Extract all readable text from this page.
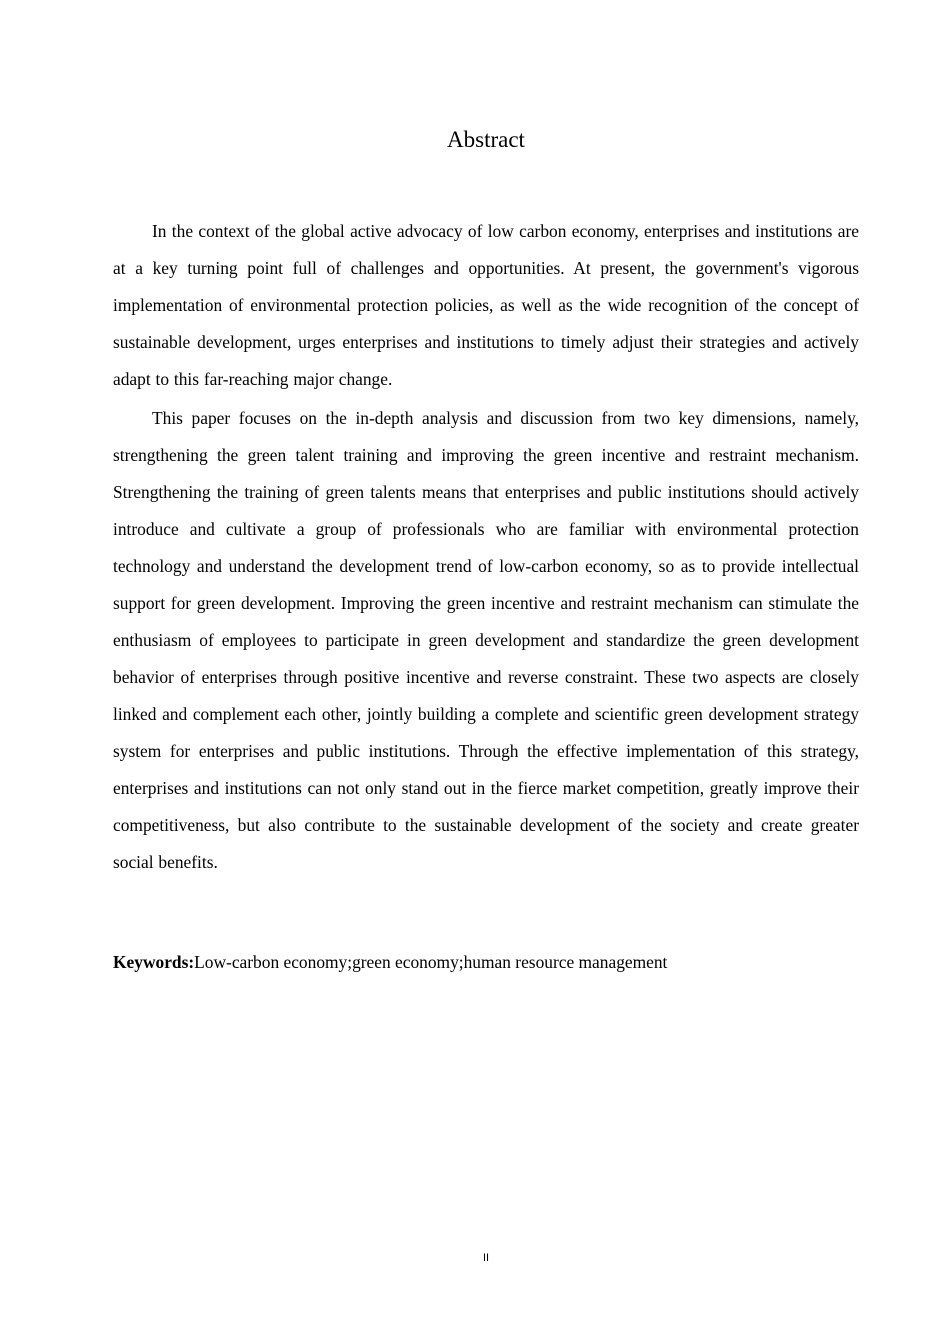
Abstract

In the context of the global active advocacy of low carbon economy, enterprises and institutions are at a key turning point full of challenges and opportunities. At present, the government's vigorous implementation of environmental protection policies, as well as the wide recognition of the concept of sustainable development, urges enterprises and institutions to timely adjust their strategies and actively adapt to this far-reaching major change.

This paper focuses on the in-depth analysis and discussion from two key dimensions, namely, strengthening the green talent training and improving the green incentive and restraint mechanism. Strengthening the training of green talents means that enterprises and public institutions should actively introduce and cultivate a group of professionals who are familiar with environmental protection technology and understand the development trend of low-carbon economy, so as to provide intellectual support for green development. Improving the green incentive and restraint mechanism can stimulate the enthusiasm of employees to participate in green development and standardize the green development behavior of enterprises through positive incentive and reverse constraint. These two aspects are closely linked and complement each other, jointly building a complete and scientific green development strategy system for enterprises and public institutions. Through the effective implementation of this strategy, enterprises and institutions can not only stand out in the fierce market competition, greatly improve their competitiveness, but also contribute to the sustainable development of the society and create greater social benefits.

Keywords:Low-carbon economy;green economy;human resource management

II
